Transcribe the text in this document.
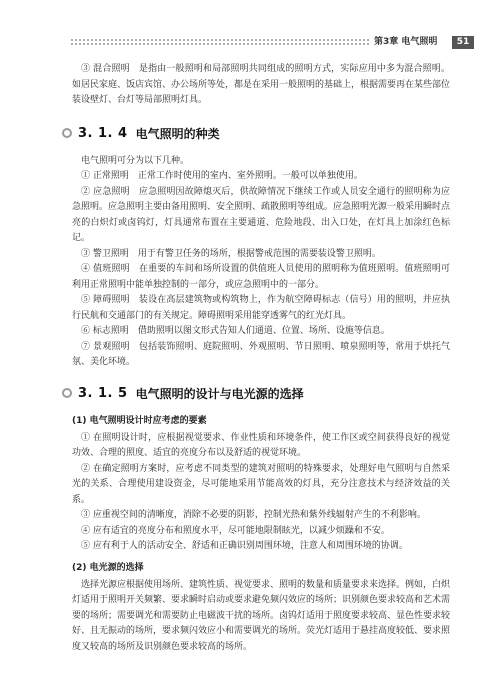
第3章 电气照明	51

③ 混合照明　是指由一般照明和局部照明共同组成的照明方式，实际应用中多为混合照明。如居民家庭、饭店宾馆、办公场所等处，都是在采用一般照明的基础上，根据需要再在某些部位装设壁灯、台灯等局部照明灯具。

3. 1. 4 电气照明的种类

电气照明可分为以下几种。

① 正常照明　正常工作时使用的室内、室外照明。一般可以单独使用。

② 应急照明　应急照明因故障熄灭后，供故障情况下继续工作或人员安全通行的照明称为应急照明。应急照明主要由备用照明、安全照明、疏散照明等组成。应急照明光源一般采用瞬时点亮的白炽灯或卤钨灯，灯具通常布置在主要通道、危险地段、出入口处，在灯具上加涂红色标记。

③ 警卫照明　用于有警卫任务的场所，根据警戒范围的需要装设警卫照明。

④ 值班照明　在重要的车间和场所设置的供值班人员使用的照明称为值班照明。值班照明可利用正常照明中能单独控制的一部分，或应急照明中的一部分。

⑤ 障碍照明　装设在高层建筑物或构筑物上，作为航空障碍标志（信号）用的照明，并应执行民航和交通部门的有关规定。障碍照明采用能穿透雾气的红光灯具。

⑥ 标志照明　借助照明以图文形式告知人们通道、位置、场所、设施等信息。

⑦ 景观照明　包括装饰照明、庭院照明、外观照明、节日照明、喷泉照明等，常用于烘托气氛、美化环境。

3. 1. 5 电气照明的设计与电光源的选择
(1) 电气照明设计时应考虑的要素

① 在照明设计时，应根据视觉要求、作业性质和环境条件，使工作区或空间获得良好的视觉功效、合理的照度、适宜的亮度分布以及舒适的视觉环境。

② 在确定照明方案时，应考虑不同类型的建筑对照明的特殊要求，处理好电气照明与自然采光的关系、合理使用建设资金，尽可能地采用节能高效的灯具，充分注意技术与经济效益的关系。

③ 应重视空间的清晰度，消除不必要的阴影，控制光热和紫外线辐射产生的不利影响。

④ 应有适宜的亮度分布和照度水平，尽可能地限制眩光，以减少烦躁和不安。

⑤ 应有利于人的活动安全、舒适和正确识别周围环境，注意人和周围环境的协调。

(2) 电光源的选择

选择光源应根据使用场所、建筑性质、视觉要求、照明的数量和质量要求来选择。例如，白炽灯适用于照明开关频繁、要求瞬时启动或要求避免频闪效应的场所；识别颜色要求较高和艺术需要的场所；需要调光和需要防止电磁波干扰的场所。卤钨灯适用于照度要求较高、显色性要求较好、且无振动的场所，要求频闪效应小和需要调光的场所。荧光灯适用于悬挂高度较低、要求照度又较高的场所及识别颜色要求较高的场所。
